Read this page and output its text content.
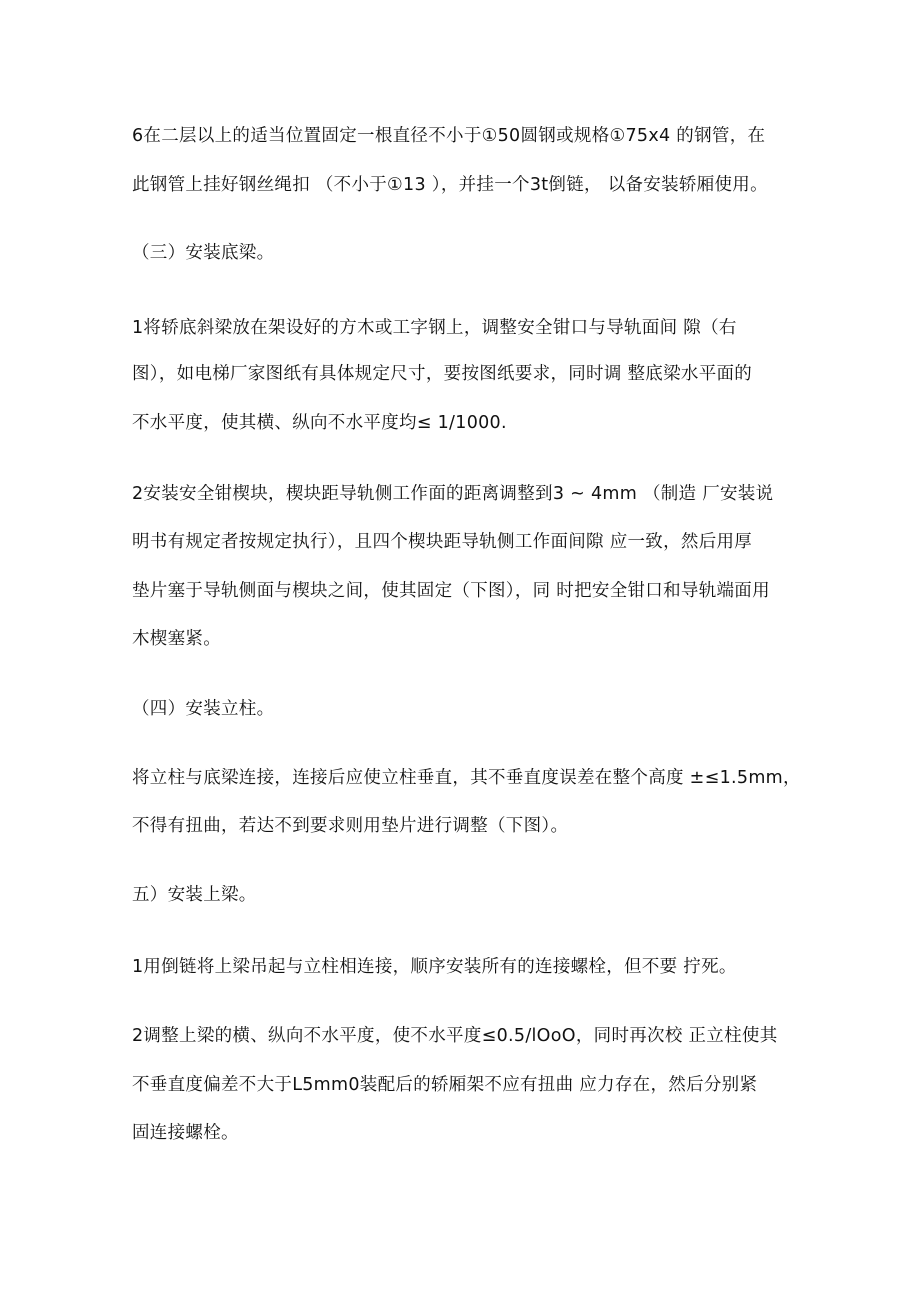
6在二层以上的适当位置固定一根直径不小于①50圆钢或规格①75x4 的钢管，在
此钢管上挂好钢丝绳扣 （不小于①13 ），并挂一个3t倒链， 以备安装轿厢使用。
（三）安装底梁。
1将轿底斜梁放在架设好的方木或工字钢上，调整安全钳口与导轨面间 隙（右
图），如电梯厂家图纸有具体规定尺寸，要按图纸要求，同时调 整底梁水平面的
不水平度，使其横、纵向不水平度均≤ 1/1000.
2安装安全钳楔块，楔块距导轨侧工作面的距离调整到3 ~ 4mm （制造 厂安装说
明书有规定者按规定执行），且四个楔块距导轨侧工作面间隙 应一致，然后用厚
垫片塞于导轨侧面与楔块之间，使其固定（下图），同 时把安全钳口和导轨端面用
木楔塞紧。
（四）安装立柱。
将立柱与底梁连接，连接后应使立柱垂直，其不垂直度误差在整个高度 ±≤1.5mm，
不得有扭曲，若达不到要求则用垫片进行调整（下图）。
五）安装上梁。
1用倒链将上梁吊起与立柱相连接，顺序安装所有的连接螺栓，但不要 拧死。
2调整上梁的横、纵向不水平度，使不水平度≤0.5/lOoO，同时再次校 正立柱使其
不垂直度偏差不大于L5mm0装配后的轿厢架不应有扭曲 应力存在，然后分别紧
固连接螺栓。
